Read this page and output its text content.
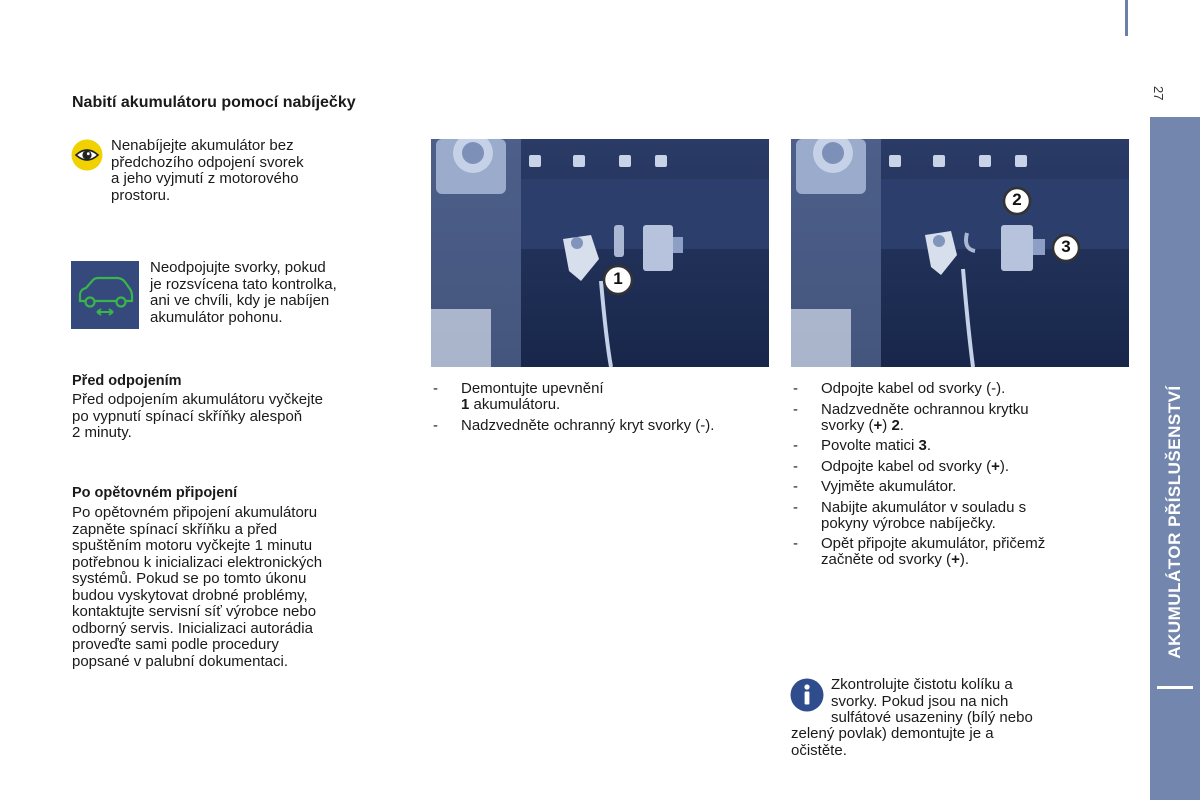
27
AKUMULÁTOR PŘÍSLUŠENSTVÍ
Nabití akumulátoru pomocí nabíječky
Nenabíjejte akumulátor bez
předchozího odpojení svorek
a jeho vyjmutí z motorového
prostoru.
Neodpojujte svorky, pokud
je rozsvícena tato kontrolka,
ani ve chvíli, kdy je nabíjen
akumulátor pohonu.
Před odpojením
Před odpojením akumulátoru vyčkejte
po vypnutí spínací skříňky alespoň
2 minuty.
Po opětovném připojení
Po opětovném připojení akumulátoru
zapněte spínací skříňku a před
spuštěním motoru vyčkejte 1 minutu
potřebnou k inicializaci elektronických
systémů. Pokud se po tomto úkonu
budou vyskytovat drobné problémy,
kontaktujte servisní síť výrobce nebo
odborný servis. Inicializaci autorádia
proveďte sami podle procedury
popsané v palubní dokumentaci.
1
2
3
- Demontujte upevnění
1 akumulátoru.
- Nadzvedněte ochranný kryt svorky (-).
- Odpojte kabel od svorky (-).
- Nadzvedněte ochrannou krytku
svorky (+) 2.
- Povolte matici 3.
- Odpojte kabel od svorky (+).
- Vyjměte akumulátor.
- Nabijte akumulátor v souladu s
pokyny výrobce nabíječky.
- Opět připojte akumulátor, přičemž
začněte od svorky (+).
Zkontrolujte čistotu kolíku a
svorky. Pokud jsou na nich
sulfátové usazeniny (bílý nebo
zelený povlak) demontujte je a
očistěte.
